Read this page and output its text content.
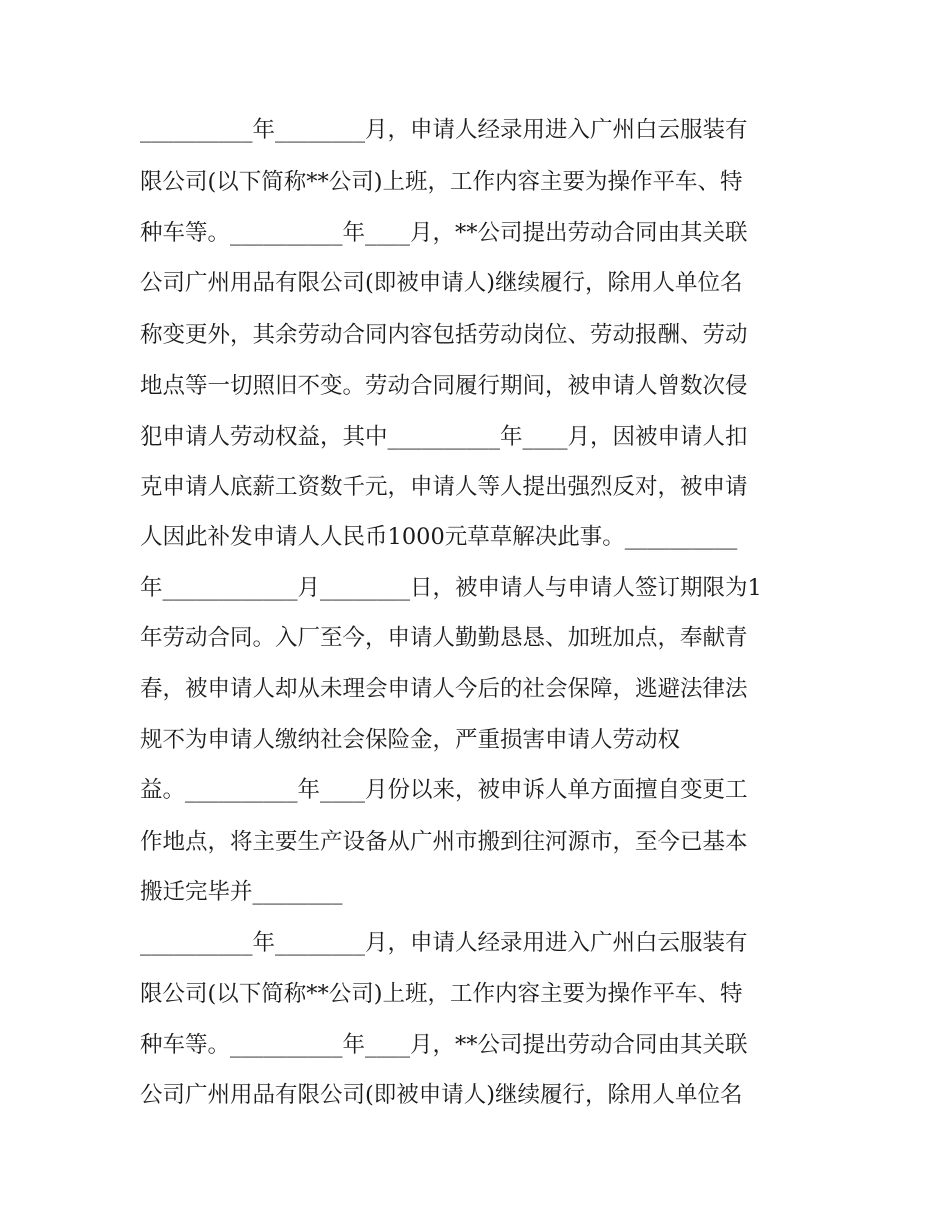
__________年________月，申请人经录用进入广州白云服装有
限公司(以下简称**公司)上班，工作内容主要为操作平车、特
种车等。__________年____月，**公司提出劳动合同由其关联
公司广州用品有限公司(即被申请人)继续履行，除用人单位名
称变更外，其余劳动合同内容包括劳动岗位、劳动报酬、劳动
地点等一切照旧不变。劳动合同履行期间，被申请人曾数次侵
犯申请人劳动权益，其中__________年____月，因被申请人扣
克申请人底薪工资数千元，申请人等人提出强烈反对，被申请
人因此补发申请人人民币1000元草草解决此事。__________
年____________月________日，被申请人与申请人签订期限为1
年劳动合同。入厂至今，申请人勤勤恳恳、加班加点，奉献青
春，被申请人却从未理会申请人今后的社会保障，逃避法律法
规不为申请人缴纳社会保险金，严重损害申请人劳动权
益。__________年____月份以来，被申诉人单方面擅自变更工
作地点，将主要生产设备从广州市搬到往河源市，至今已基本
搬迁完毕并________
__________年________月，申请人经录用进入广州白云服装有
限公司(以下简称**公司)上班，工作内容主要为操作平车、特
种车等。__________年____月，**公司提出劳动合同由其关联
公司广州用品有限公司(即被申请人)继续履行，除用人单位名
